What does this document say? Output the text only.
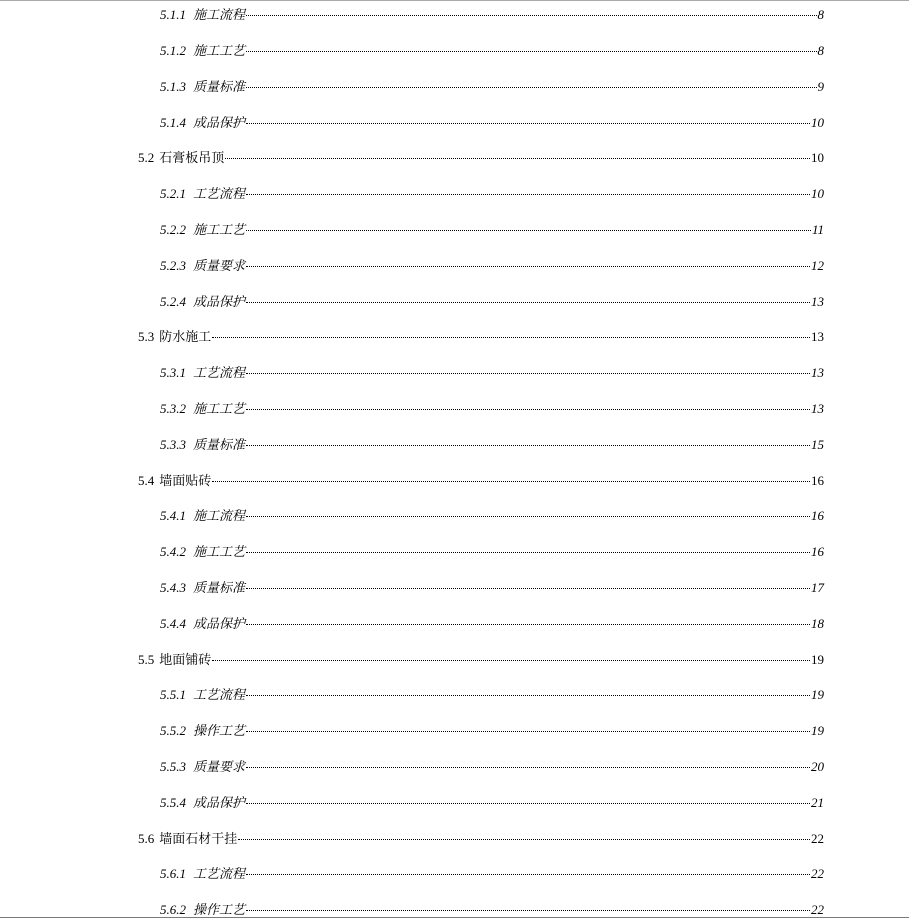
5.1.1 施工流程	8
5.1.2 施工工艺	8
5.1.3 质量标准	9
5.1.4 成品保护	10
5.2 石膏板吊顶	10
5.2.1 工艺流程	10
5.2.2 施工工艺	11
5.2.3 质量要求	12
5.2.4 成品保护	13
5.3 防水施工	13
5.3.1 工艺流程	13
5.3.2 施工工艺	13
5.3.3 质量标准	15
5.4 墙面贴砖	16
5.4.1 施工流程	16
5.4.2 施工工艺	16
5.4.3 质量标准	17
5.4.4 成品保护	18
5.5 地面铺砖	19
5.5.1 工艺流程	19
5.5.2 操作工艺	19
5.5.3 质量要求	20
5.5.4 成品保护	21
5.6 墙面石材干挂	22
5.6.1 工艺流程	22
5.6.2 操作工艺	22
